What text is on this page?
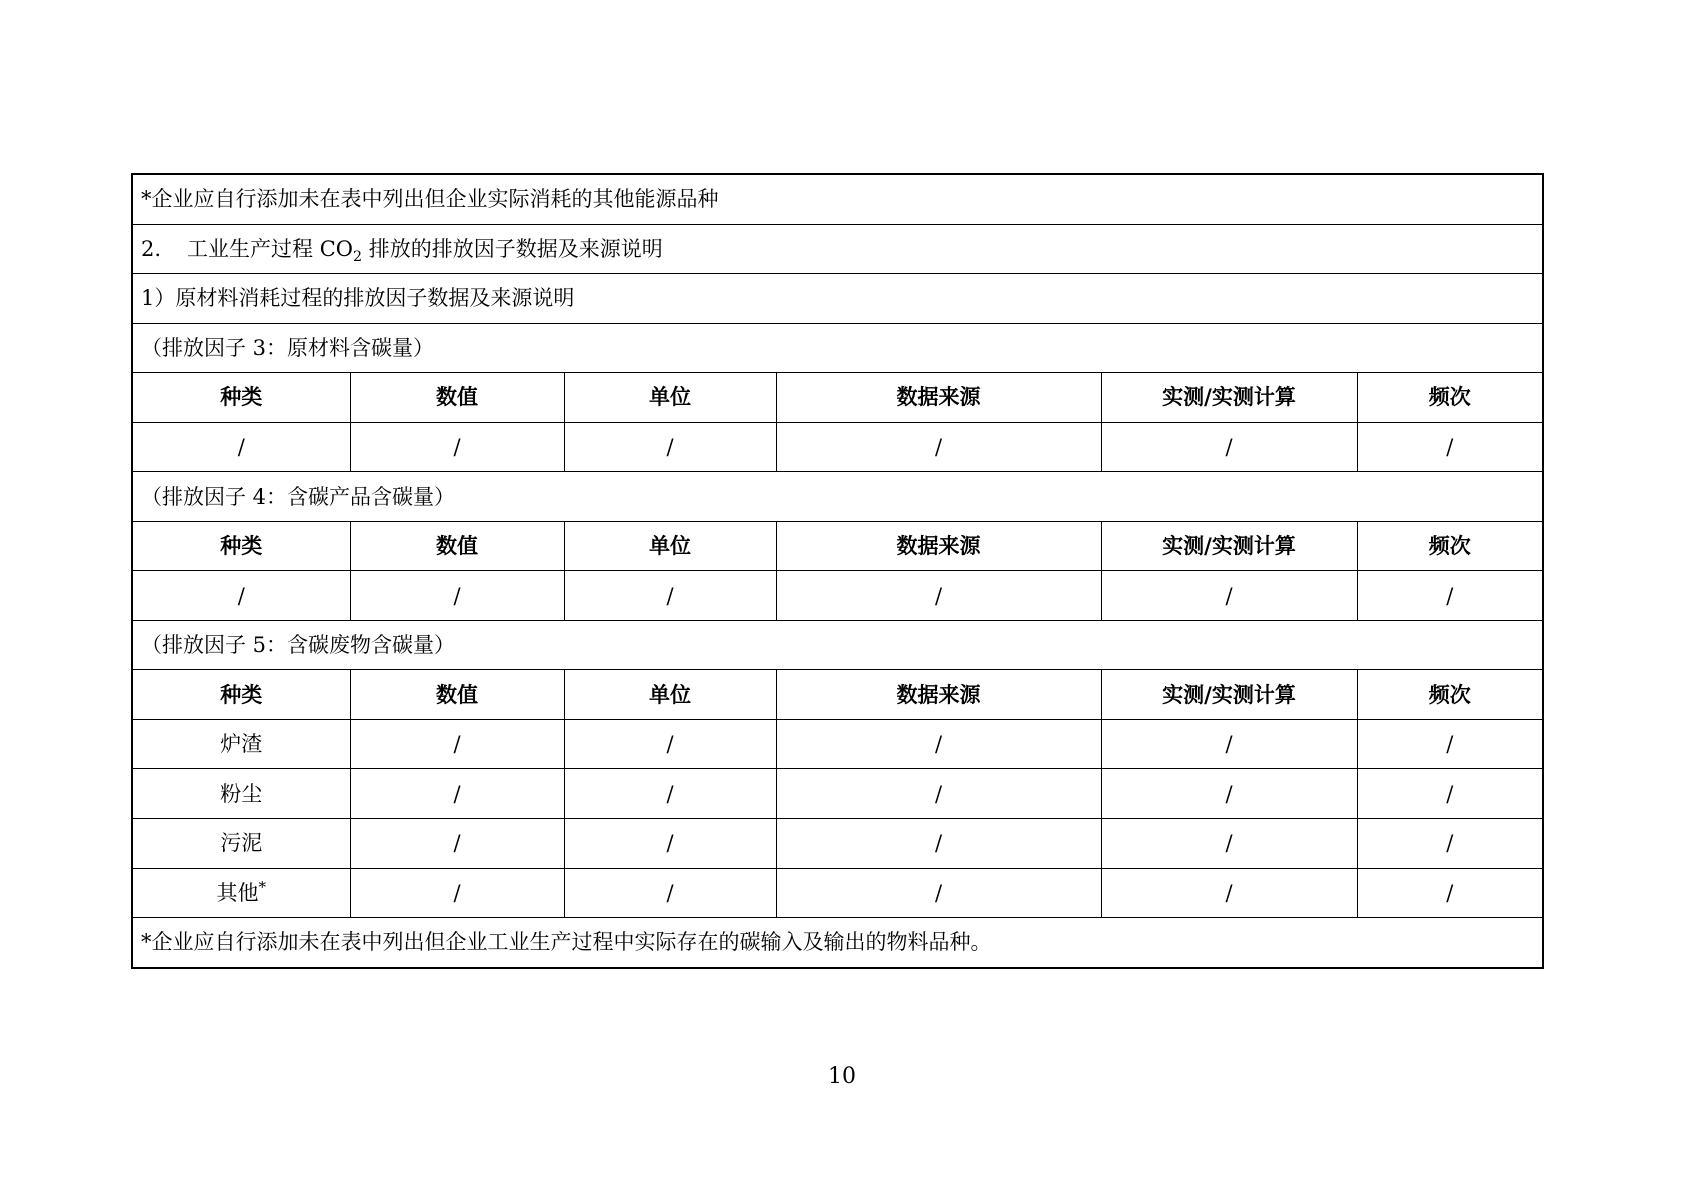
*企业应自行添加未在表中列出但企业实际消耗的其他能源品种					
2. 工业生产过程 $CO_2$ 排放的排放因子数据及来源说明					
1）原材料消耗过程的排放因子数据及来源说明					
（排放因子 3：原材料含碳量）					
种类	数值	单位	数据来源	实测/实测计算	频次
/	/	/	/	/	/
（排放因子 4：含碳产品含碳量）					
种类	数值	单位	数据来源	实测/实测计算	频次
/	/	/	/	/	/
（排放因子 5：含碳废物含碳量）					
种类	数值	单位	数据来源	实测/实测计算	频次
炉渣	/	/	/	/	/
粉尘	/	/	/	/	/
污泥	/	/	/	/	/
其他*	/	/	/	/	/
*企业应自行添加未在表中列出但企业工业生产过程中实际存在的碳输入及输出的物料品种。					
10
